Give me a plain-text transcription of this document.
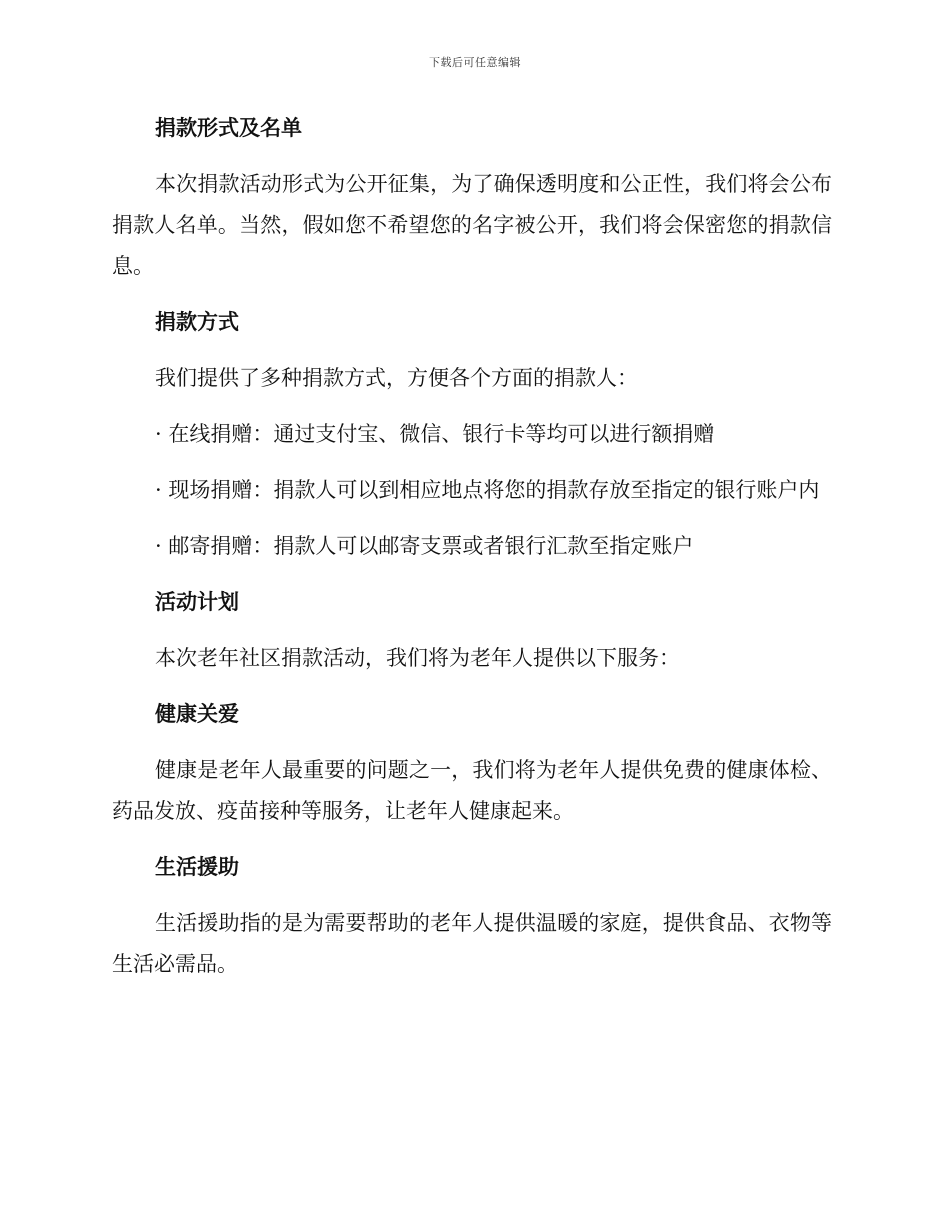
下载后可任意编辑
捐款形式及名单

本次捐款活动形式为公开征集，为了确保透明度和公正性，我们将会公布捐款人名单。当然，假如您不希望您的名字被公开，我们将会保密您的捐款信息。

捐款方式

我们提供了多种捐款方式，方便各个方面的捐款人：

· 在线捐赠：通过支付宝、微信、银行卡等均可以进行额捐赠

· 现场捐赠：捐款人可以到相应地点将您的捐款存放至指定的银行账户内

· 邮寄捐赠：捐款人可以邮寄支票或者银行汇款至指定账户

活动计划

本次老年社区捐款活动，我们将为老年人提供以下服务：

健康关爱

健康是老年人最重要的问题之一，我们将为老年人提供免费的健康体检、药品发放、疫苗接种等服务，让老年人健康起来。

生活援助

生活援助指的是为需要帮助的老年人提供温暖的家庭，提供食品、衣物等生活必需品。
